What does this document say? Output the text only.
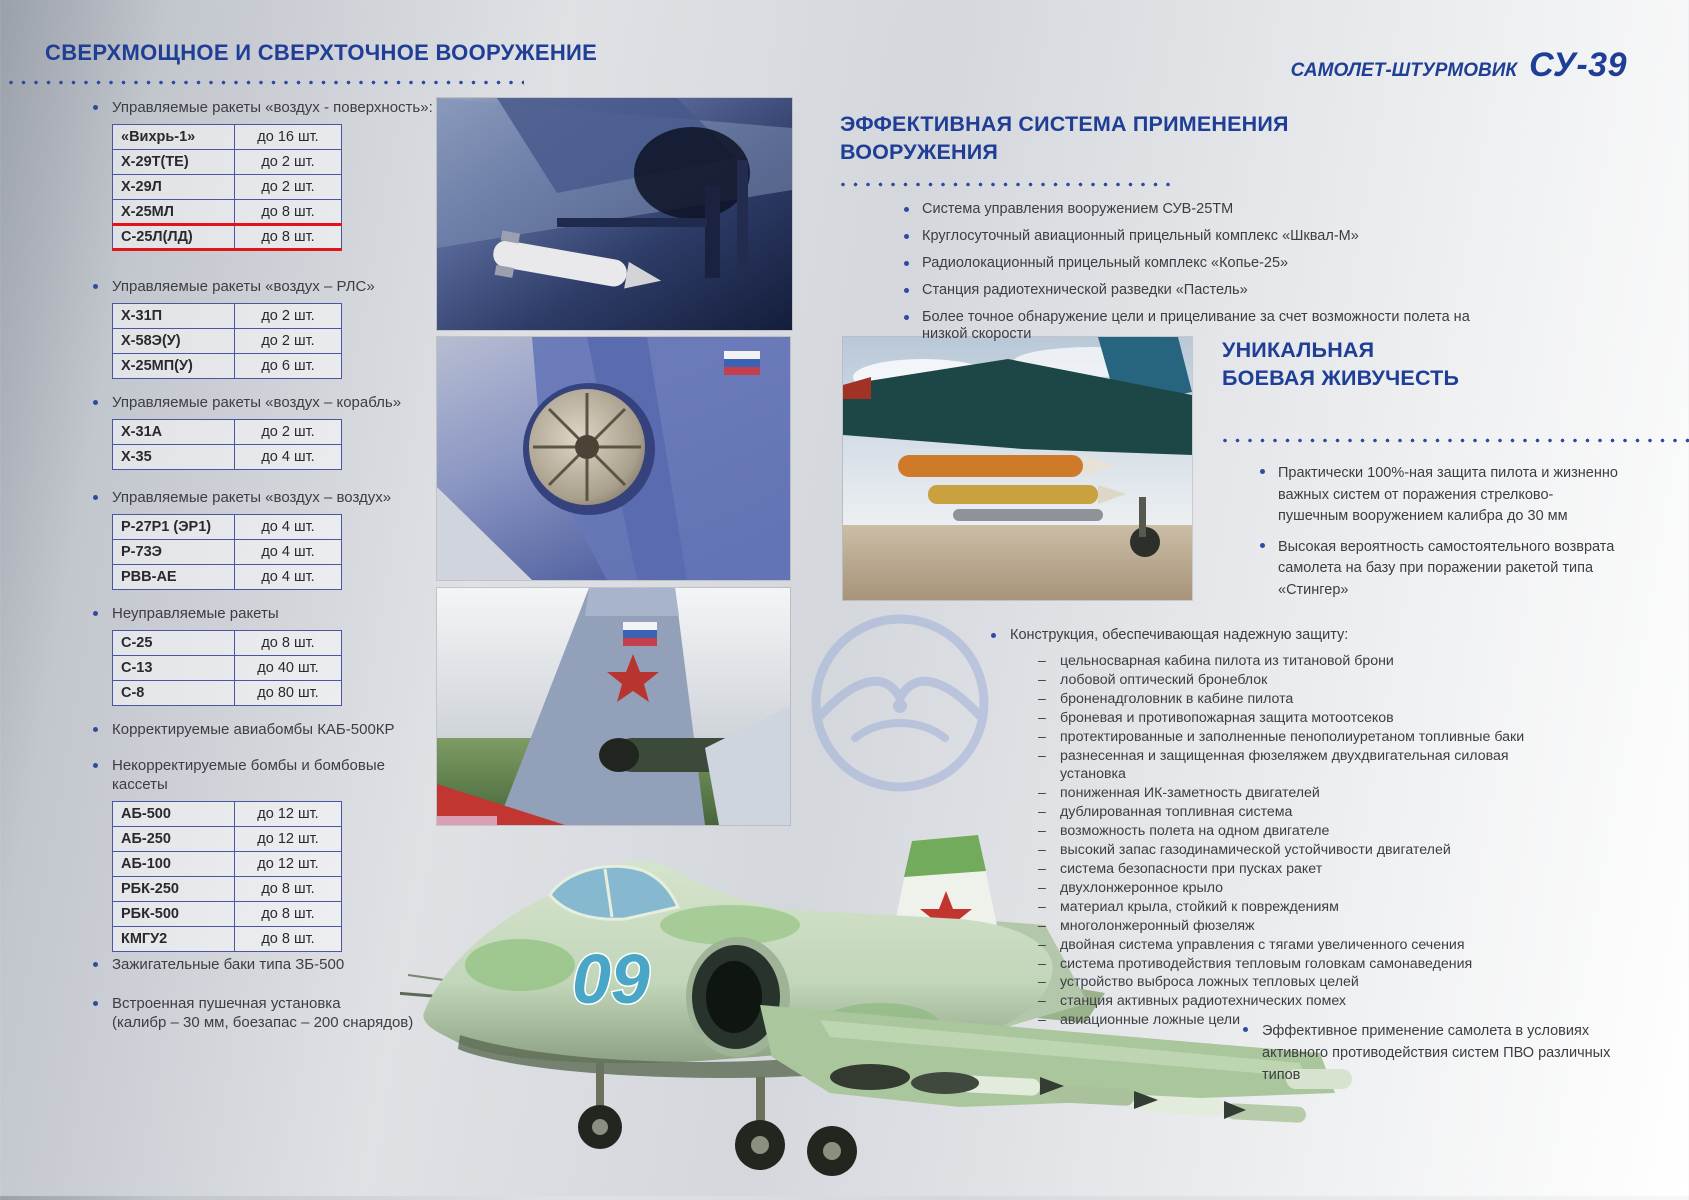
СВЕРХМОЩНОЕ И СВЕРХТОЧНОЕ ВООРУЖЕНИЕ
САМОЛЕТ-ШТУРМОВИК СУ-39
Управляемые ракеты «воздух - поверхность»:
«Вихрь-1»	до 16 шт.
Х-29Т(ТЕ)	до 2 шт.
Х-29Л	до 2 шт.
Х-25МЛ	до 8 шт.
С-25Л(ЛД)	до 8 шт.
Управляемые ракеты «воздух – РЛС»
Х-31П	до 2 шт.
Х-58Э(У)	до 2 шт.
Х-25МП(У)	до 6 шт.
Управляемые ракеты «воздух – корабль»
Х-31А	до 2 шт.
Х-35	до 4 шт.
Управляемые ракеты «воздух – воздух»
Р-27Р1 (ЭР1)	до 4 шт.
Р-73Э	до 4 шт.
РВВ-АЕ	до 4 шт.
Неуправляемые ракеты
С-25	до 8 шт.
С-13	до 40 шт.
С-8	до 80 шт.
Корректируемые авиабомбы КАБ-500КР
Некорректируемые бомбы и бомбовые кассеты
АБ-500	до 12 шт.
АБ-250	до 12 шт.
АБ-100	до 12 шт.
РБК-250	до 8 шт.
РБК-500	до 8 шт.
КМГУ2	до 8 шт.
Зажигательные баки типа ЗБ-500
Встроенная пушечная установка
(калибр – 30 мм, боезапас – 200 снарядов)
ЭФФЕКТИВНАЯ СИСТЕМА ПРИМЕНЕНИЯ
ВООРУЖЕНИЯ
Система управления вооружением СУВ-25ТМ
Круглосуточный авиационный прицельный комплекс «Шквал-М»
Радиолокационный прицельный комплекс «Копье-25»
Станция радиотехнической разведки «Пастель»
Более точное обнаружение цели и прицеливание за счет возможности полета на низкой скорости
УНИКАЛЬНАЯ
БОЕВАЯ ЖИВУЧЕСТЬ
Практически 100%-ная защита пилота и жизненно важных систем от поражения стрелково-пушечным вооружением калибра до 30 мм
Высокая вероятность самостоятельного возврата самолета на базу при поражении ракетой типа «Стингер»
Конструкция, обеспечивающая надежную защиту:
– цельносварная кабина пилота из титановой брони
– лобовой оптический бронеблок
– броненадголовник в кабине пилота
– броневая и противопожарная защита мотоотсеков
– протектированные и заполненные пенополиуретаном топливные баки
– разнесенная и защищенная фюзеляжем двухдвигательная силовая установка
– пониженная ИК-заметность двигателей
– дублированная топливная система
– возможность полета на одном двигателе
– высокий запас газодинамической устойчивости двигателей
– система безопасности при пусках ракет
– двухлонжеронное крыло
– материал крыла, стойкий к повреждениям
– многолонжеронный фюзеляж
– двойная система управления с тягами увеличенного сечения
– система противодействия тепловым головкам самонаведения
– устройство выброса ложных тепловых целей
– станция активных радиотехнических помех
– авиационные ложные цели
Эффективное применение самолета в условиях активного противодействия систем ПВО различных типов
09
